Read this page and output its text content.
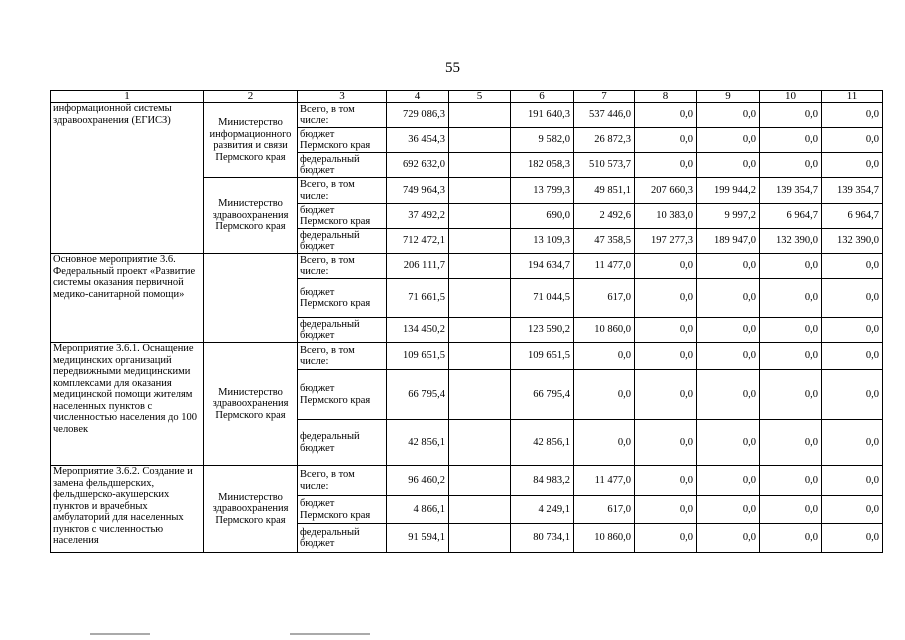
55
1	2	3	4	5	6	7	8	9	10	11
информационной системы здравоохранения (ЕГИСЗ)	Министерство информационного развития и связи Пермского края	Всего, в том числе:	729 086,3		191 640,3	537 446,0	0,0	0,0	0,0	0,0
		бюджет Пермского края	36 454,3		9 582,0	26 872,3	0,0	0,0	0,0	0,0
		федеральный бюджет	692 632,0		182 058,3	510 573,7	0,0	0,0	0,0	0,0
	Министерство здравоохранения Пермского края	Всего, в том числе:	749 964,3		13 799,3	49 851,1	207 660,3	199 944,2	139 354,7	139 354,7
		бюджет Пермского края	37 492,2		690,0	2 492,6	10 383,0	9 997,2	6 964,7	6 964,7
		федеральный бюджет	712 472,1		13 109,3	47 358,5	197 277,3	189 947,0	132 390,0	132 390,0
Основное мероприятие 3.6. Федеральный проект «Развитие системы оказания первичной медико-санитарной помощи»		Всего, в том числе:	206 111,7		194 634,7	11 477,0	0,0	0,0	0,0	0,0
		бюджет Пермского края	71 661,5		71 044,5	617,0	0,0	0,0	0,0	0,0
		федеральный бюджет	134 450,2		123 590,2	10 860,0	0,0	0,0	0,0	0,0
Мероприятие 3.6.1. Оснащение медицинских организаций передвижными медицинскими комплексами для оказания медицинской помощи жителям населенных пунктов с численностью населения до 100 человек	Министерство здравоохранения Пермского края	Всего, в том числе:	109 651,5		109 651,5	0,0	0,0	0,0	0,0	0,0
		бюджет Пермского края	66 795,4		66 795,4	0,0	0,0	0,0	0,0	0,0
		федеральный бюджет	42 856,1		42 856,1	0,0	0,0	0,0	0,0	0,0
Мероприятие 3.6.2. Создание и замена фельдшерских, фельдшерско-акушерских пунктов и врачебных амбулаторий для населенных пунктов с численностью населения	Министерство здравоохранения Пермского края	Всего, в том числе:	96 460,2		84 983,2	11 477,0	0,0	0,0	0,0	0,0
		бюджет Пермского края	4 866,1		4 249,1	617,0	0,0	0,0	0,0	0,0
		федеральный бюджет	91 594,1		80 734,1	10 860,0	0,0	0,0	0,0	0,0
